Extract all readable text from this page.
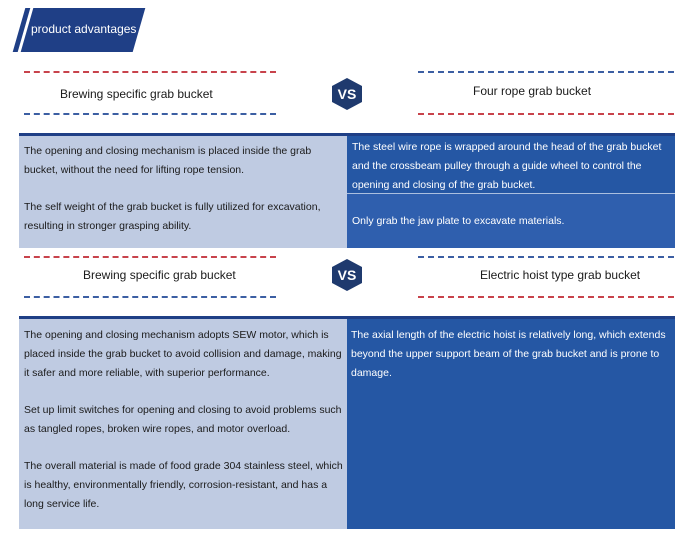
product advantages
Brewing specific grab bucket	VS	Four rope grab bucket
The opening and closing mechanism is placed inside the grab bucket, without the need for lifting rope tension.
The self weight of the grab bucket is fully utilized for excavation, resulting in stronger grasping ability.
The steel wire rope is wrapped around the head of the grab bucket and the crossbeam pulley through a guide wheel to control the opening and closing of the grab bucket.
Only grab the jaw plate to excavate materials.
Brewing specific grab bucket	VS	Electric hoist type grab bucket
The opening and closing mechanism adopts SEW motor, which is placed inside the grab bucket to avoid collision and damage, making it safer and more reliable, with superior performance.
Set up limit switches for opening and closing to avoid problems such as tangled ropes, broken wire ropes, and motor overload.
The overall material is made of food grade 304 stainless steel, which is healthy, environmentally friendly, corrosion-resistant, and has a long service life.
The axial length of the electric hoist is relatively long, which extends beyond the upper support beam of the grab bucket and is prone to damage.
